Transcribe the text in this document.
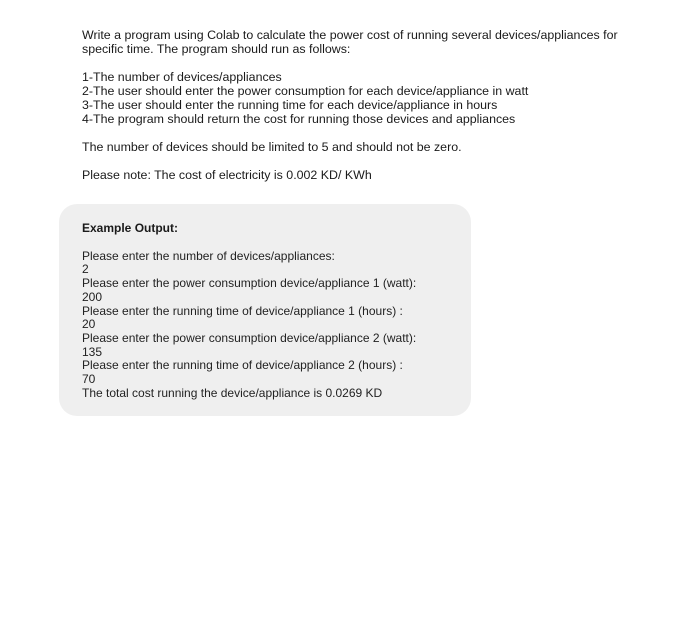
Write a program using Colab to calculate the power cost of running several devices/appliances for specific time. The program should run as follows:

1-The number of devices/appliances
2-The user should enter the power consumption for each device/appliance in watt
3-The user should enter the running time for each device/appliance in hours
4-The program should return the cost for running those devices and appliances

The number of devices should be limited to 5 and should not be zero.

Please note: The cost of electricity is 0.002 KD/ KWh

Example Output:
Please enter the number of devices/appliances:
2
Please enter the power consumption device/appliance 1 (watt):
200
Please enter the running time of device/appliance 1 (hours) :
20
Please enter the power consumption device/appliance 2 (watt):
135
Please enter the running time of device/appliance 2 (hours) :
70
The total cost running the device/appliance is 0.0269 KD
